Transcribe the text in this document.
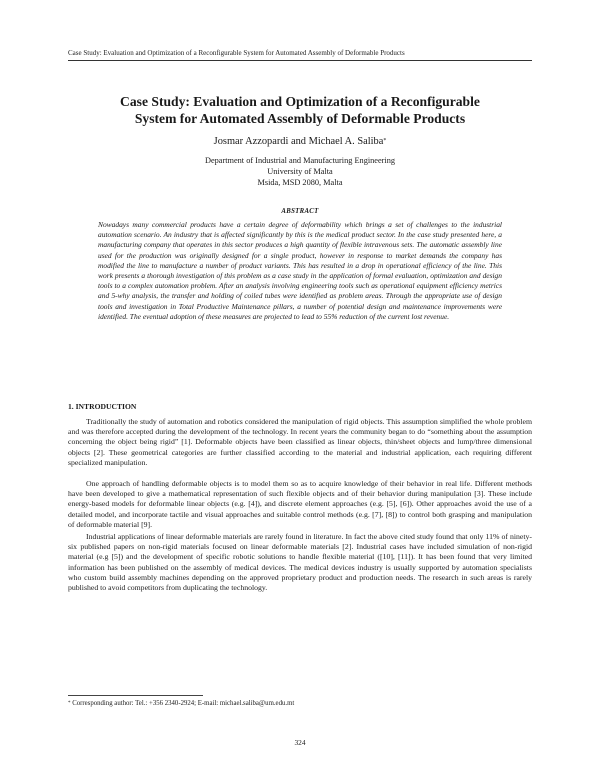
Case Study: Evaluation and Optimization of a Reconfigurable System for Automated Assembly of Deformable Products
Case Study: Evaluation and Optimization of a Reconfigurable
System for Automated Assembly of Deformable Products
Josmar Azzopardi and Michael A. Saliba*
Department of Industrial and Manufacturing Engineering
University of Malta
Msida, MSD 2080, Malta
ABSTRACT

Nowadays many commercial products have a certain degree of deformability which brings a set of challenges to the industrial automation scenario. An industry that is affected significantly by this is the medical product sector. In the case study presented here, a manufacturing company that operates in this sector produces a high quantity of flexible intravenous sets. The automatic assembly line used for the production was originally designed for a single product, however in response to market demands the company has modified the line to manufacture a number of product variants. This has resulted in a drop in operational efficiency of the line. This work presents a thorough investigation of this problem as a case study in the application of formal evaluation, optimization and design tools to a complex automation problem. After an analysis involving engineering tools such as operational equipment efficiency metrics and 5-why analysis, the transfer and holding of coiled tubes were identified as problem areas. Through the appropriate use of design tools and investigation in Total Productive Maintenance pillars, a number of potential design and maintenance improvements were identified. The eventual adoption of these measures are projected to lead to 55% reduction of the current lost revenue.

1. INTRODUCTION

Traditionally the study of automation and robotics considered the manipulation of rigid objects. This assumption simplified the whole problem and was therefore accepted during the development of the technology. In recent years the community began to do “something about the assumption concerning the object being rigid” [1]. Deformable objects have been classified as linear objects, thin/sheet objects and lump/three dimensional objects [2]. These geometrical categories are further classified according to the material and industrial application, each requiring different specialized manipulation.

One approach of handling deformable objects is to model them so as to acquire knowledge of their behavior in real life. Different methods have been developed to give a mathematical representation of such flexible objects and of their behavior during manipulation [3]. These include energy-based models for deformable linear objects (e.g. [4]), and discrete element approaches (e.g. [5], [6]). Other approaches avoid the use of a detailed model, and incorporate tactile and visual approaches and suitable control methods (e.g. [7], [8]) to control both grasping and manipulation of deformable material [9].

Industrial applications of linear deformable materials are rarely found in literature. In fact the above cited study found that only 11% of ninety-six published papers on non-rigid materials focused on linear deformable materials [2]. Industrial cases have included simulation of non-rigid material (e.g [5]) and the development of specific robotic solutions to handle flexible material ([10], [11]). It has been found that very limited information has been published on the assembly of medical devices. The medical devices industry is usually supported by automation specialists who custom build assembly machines depending on the approved proprietary product and production needs. The research in such areas is rarely published to avoid competitors from duplicating the technology.

* Corresponding author: Tel.: +356 2340-2924; E-mail: michael.saliba@um.edu.mt
324
